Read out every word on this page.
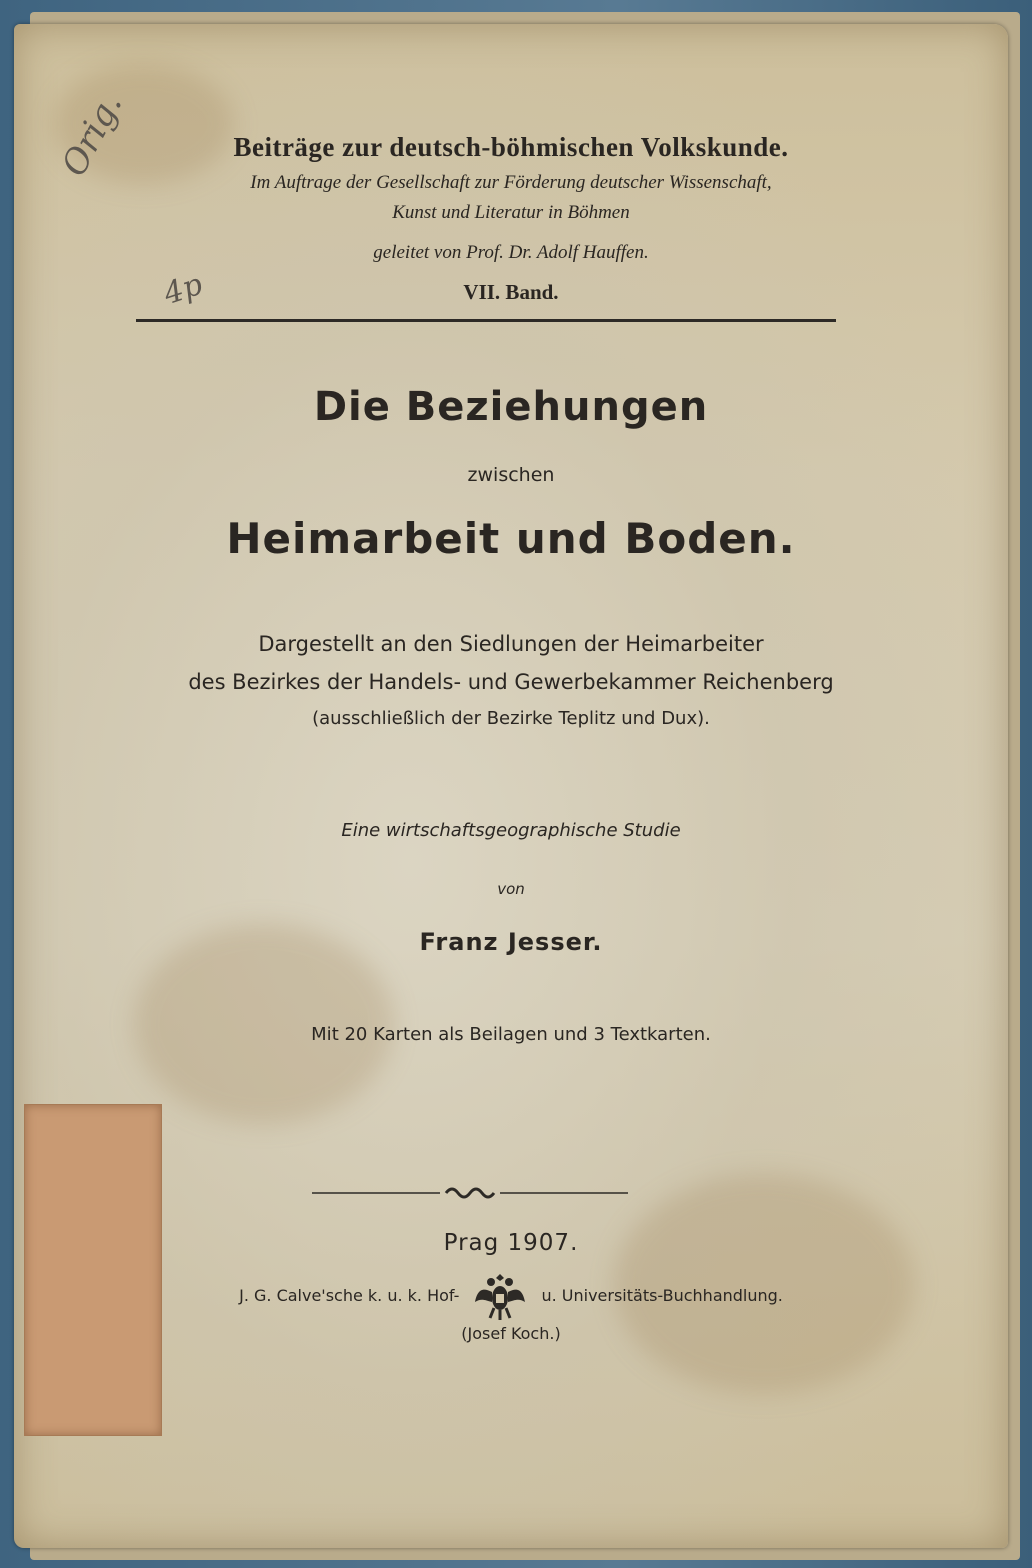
Orig.
4p
Beiträge zur deutsch-böhmischen Volkskunde.
Im Auftrage der Gesellschaft zur Förderung deutscher Wissenschaft,
Kunst und Literatur in Böhmen
geleitet von Prof. Dr. Adolf Hauffen.
VII. Band.
Die Beziehungen
zwischen
Heimarbeit und Boden.
Dargestellt an den Siedlungen der Heimarbeiter
des Bezirkes der Handels- und Gewerbekammer Reichenberg
(ausschließlich der Bezirke Teplitz und Dux).
Eine wirtschaftsgeographische Studie
von
Franz Jesser.
Mit 20 Karten als Beilagen und 3 Textkarten.
Prag 1907.
J. G. Calve'sche k. u. k. Hof-	u. Universitäts-Buchhandlung.
(Josef Koch.)
